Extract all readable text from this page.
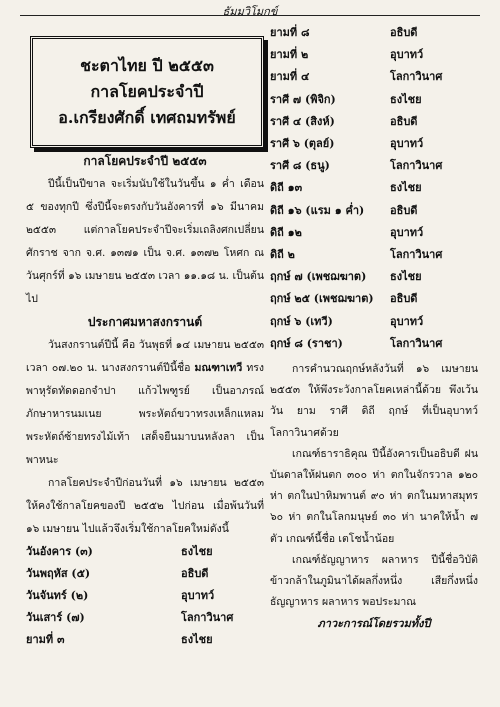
ธัมมวิโมกข์
ชะตาไทย ปี ๒๕๕๓
กาลโยคประจำปี
อ.เกรียงศักดิ์ เทศถมทรัพย์

กาลโยคประจำปี ๒๕๕๓

ปีนี้เป็นปีขาล จะเริ่มนับใช้ในวันขึ้น ๑ ค่ำ เดือน ๕ ของทุกปี ซึ่งปีนี้จะตรงกับวันอังคารที่ ๑๖ มีนาคม ๒๕๕๓ แต่กาลโยคประจำปีจะเริ่มเถลิงศกเปลี่ยนศักราช จาก จ.ศ. ๑๓๗๑ เป็น จ.ศ. ๑๓๗๒ โหศก ณ วันศุกร์ที่ ๑๖ เมษายน ๒๕๕๓ เวลา ๑๑.๑๘ น. เป็นต้นไป

ประกาศมหาสงกรานต์

วันสงกรานต์ปีนี้ คือ วันพุธที่ ๑๔ เมษายน ๒๕๕๓ เวลา ๐๗.๒๐ น. นางสงกรานต์ปีนี้ชื่อ มณฑาเทวี ทรงพาหุรัดทัดดอกจำปา แก้วไพฑูรย์ เป็นอาภรณ์ ภักษาหารนมเนย พระหัตถ์ขวาทรงเหล็กแหลม พระหัตถ์ซ้ายทรงไม้เท้า เสด็จยืนมาบนหลังลา เป็นพาหนะ

กาลโยคประจำปีก่อนวันที่ ๑๖ เมษายน ๒๕๕๓ ให้คงใช้กาลโยคของปี ๒๕๕๒ ไปก่อน เมื่อพ้นวันที่ ๑๖ เมษายน ไปแล้วจึงเริ่มใช้กาลโยคใหม่ดังนี้

วันอังคาร (๓)	ธงไชย
วันพฤหัส (๕)	อธิบดี
วันจันทร์ (๒)	อุบาทว์
วันเสาร์ (๗)	โลกาวินาศ
ยามที่ ๓	ธงไชย
ยามที่ ๘	อธิบดี
ยามที่ ๒	อุบาทว์
ยามที่ ๔	โลกาวินาศ
ราศี ๗ (พิจิก)	ธงไชย
ราศี ๔ (สิงห์)	อธิบดี
ราศี ๖ (ตุลย์)	อุบาทว์
ราศี ๘ (ธนู)	โลกาวินาศ
ดิถี ๑๓	ธงไชย
ดิถี ๑๖ (แรม ๑ ค่ำ)	อธิบดี
ดิถี ๑๒	อุบาทว์
ดิถี ๒	โลกาวินาศ
ฤกษ์ ๗ (เพชฌฆาต)	ธงไชย
ฤกษ์ ๒๕ (เพชฌฆาต)	อธิบดี
ฤกษ์ ๖ (เทวี)	อุบาทว์
ฤกษ์ ๘ (ราชา)	โลกาวินาศ

การคำนวณฤกษ์หลังวันที่ ๑๖ เมษายน ๒๕๕๓ ให้พึงระวังกาลโยคเหล่านี้ด้วย พึงเว้นวัน ยาม ราศี ดิถี ฤกษ์ ที่เป็นอุบาทว์ โลกาวินาศด้วย

เกณฑ์ธาราธิคุณ ปีนี้อังคารเป็นอธิบดี ฝน บันดาลให้ฝนตก ๓๐๐ ห่า ตกในจักรวาล ๑๒๐ ห่า ตกในป่าหิมพานต์ ๙๐ ห่า ตกในมหาสมุทร ๖๐ ห่า ตกในโลกมนุษย์ ๓๐ ห่า นาคให้น้ำ ๗ ตัว เกณฑ์นี้ชื่อ เตโชน้ำน้อย

เกณฑ์ธัญญาหาร ผลาหาร ปีนี้ชื่อวิบัติ ข้าวกล้าในภูมินาได้ผลกึ่งหนึ่ง เสียกึ่งหนึ่ง ธัญญาหาร ผลาหาร พอประมาณ

ภาวะการณ์โดยรวมทั้งปี
